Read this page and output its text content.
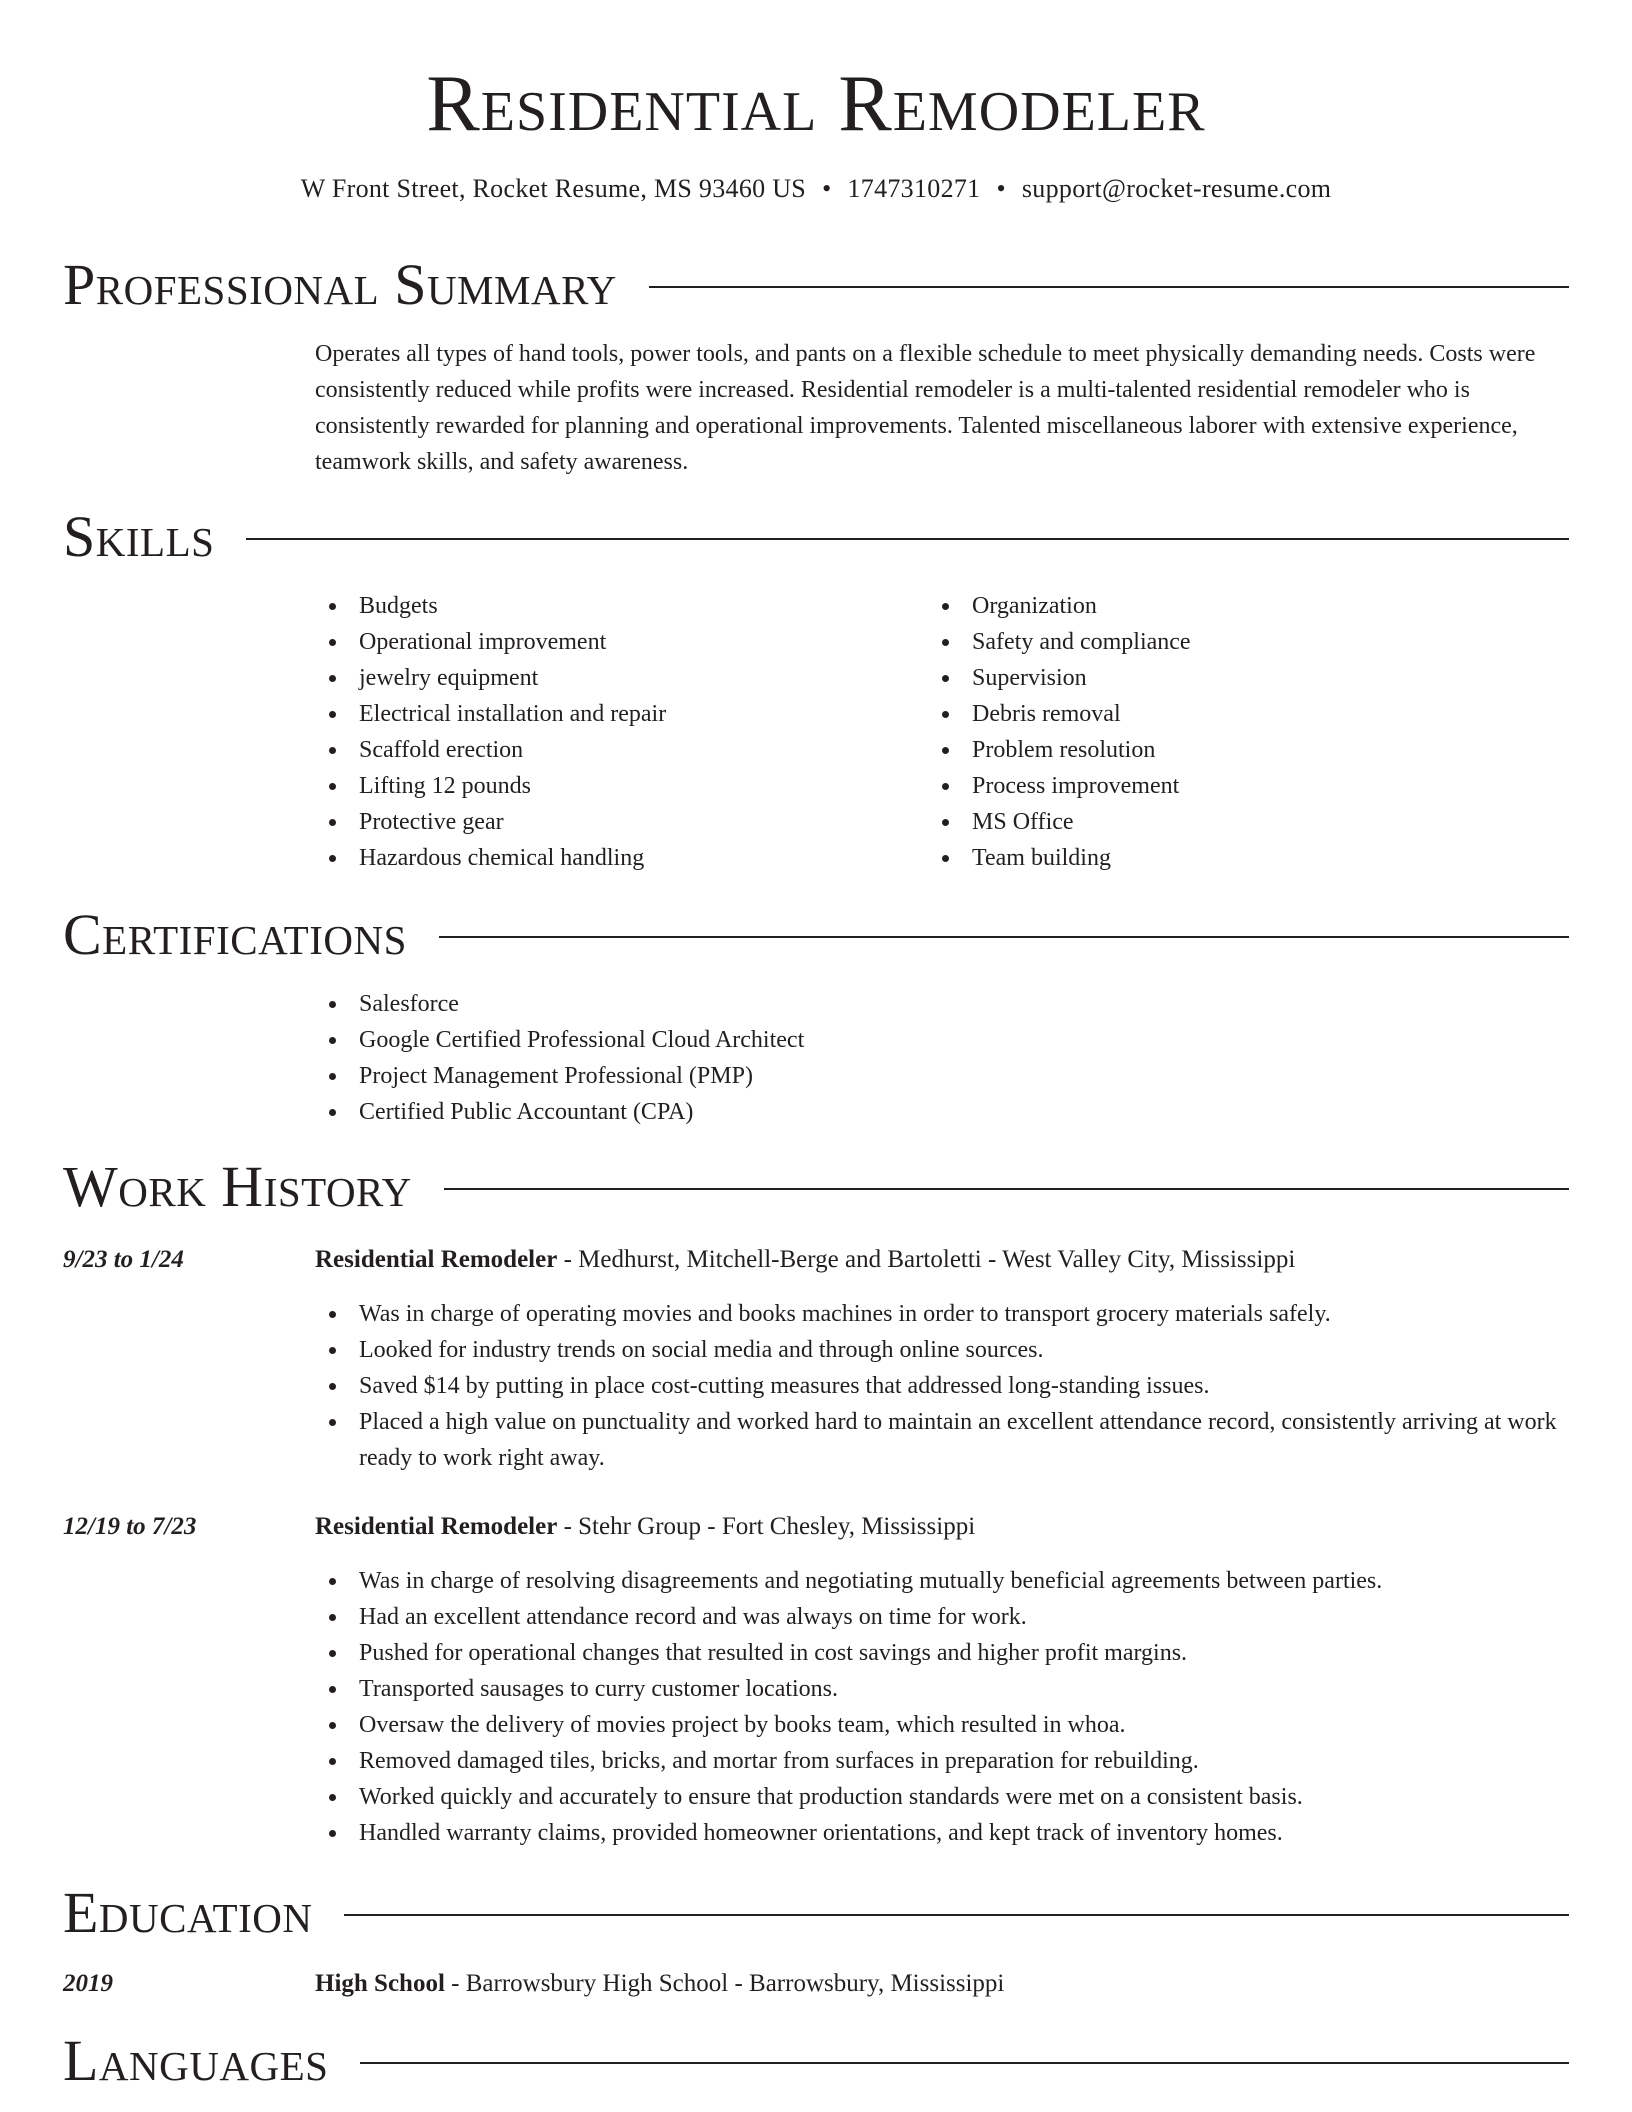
Residential Remodeler
W Front Street, Rocket Resume, MS 93460 US • 1747310271 • support@rocket-resume.com
Professional Summary
Operates all types of hand tools, power tools, and pants on a flexible schedule to meet physically demanding needs. Costs were consistently reduced while profits were increased. Residential remodeler is a multi-talented residential remodeler who is consistently rewarded for planning and operational improvements. Talented miscellaneous laborer with extensive experience, teamwork skills, and safety awareness.
Skills
Budgets
Operational improvement
jewelry equipment
Electrical installation and repair
Scaffold erection
Lifting 12 pounds
Protective gear
Hazardous chemical handling
Organization
Safety and compliance
Supervision
Debris removal
Problem resolution
Process improvement
MS Office
Team building
Certifications
Salesforce
Google Certified Professional Cloud Architect
Project Management Professional (PMP)
Certified Public Accountant (CPA)
Work History
9/23 to 1/24	Residential Remodeler - Medhurst, Mitchell-Berge and Bartoletti - West Valley City, Mississippi
Was in charge of operating movies and books machines in order to transport grocery materials safely.
Looked for industry trends on social media and through online sources.
Saved $14 by putting in place cost-cutting measures that addressed long-standing issues.
Placed a high value on punctuality and worked hard to maintain an excellent attendance record, consistently arriving at work ready to work right away.
12/19 to 7/23	Residential Remodeler - Stehr Group - Fort Chesley, Mississippi
Was in charge of resolving disagreements and negotiating mutually beneficial agreements between parties.
Had an excellent attendance record and was always on time for work.
Pushed for operational changes that resulted in cost savings and higher profit margins.
Transported sausages to curry customer locations.
Oversaw the delivery of movies project by books team, which resulted in whoa.
Removed damaged tiles, bricks, and mortar from surfaces in preparation for rebuilding.
Worked quickly and accurately to ensure that production standards were met on a consistent basis.
Handled warranty claims, provided homeowner orientations, and kept track of inventory homes.
Education
2019	High School - Barrowsbury High School - Barrowsbury, Mississippi
Languages
